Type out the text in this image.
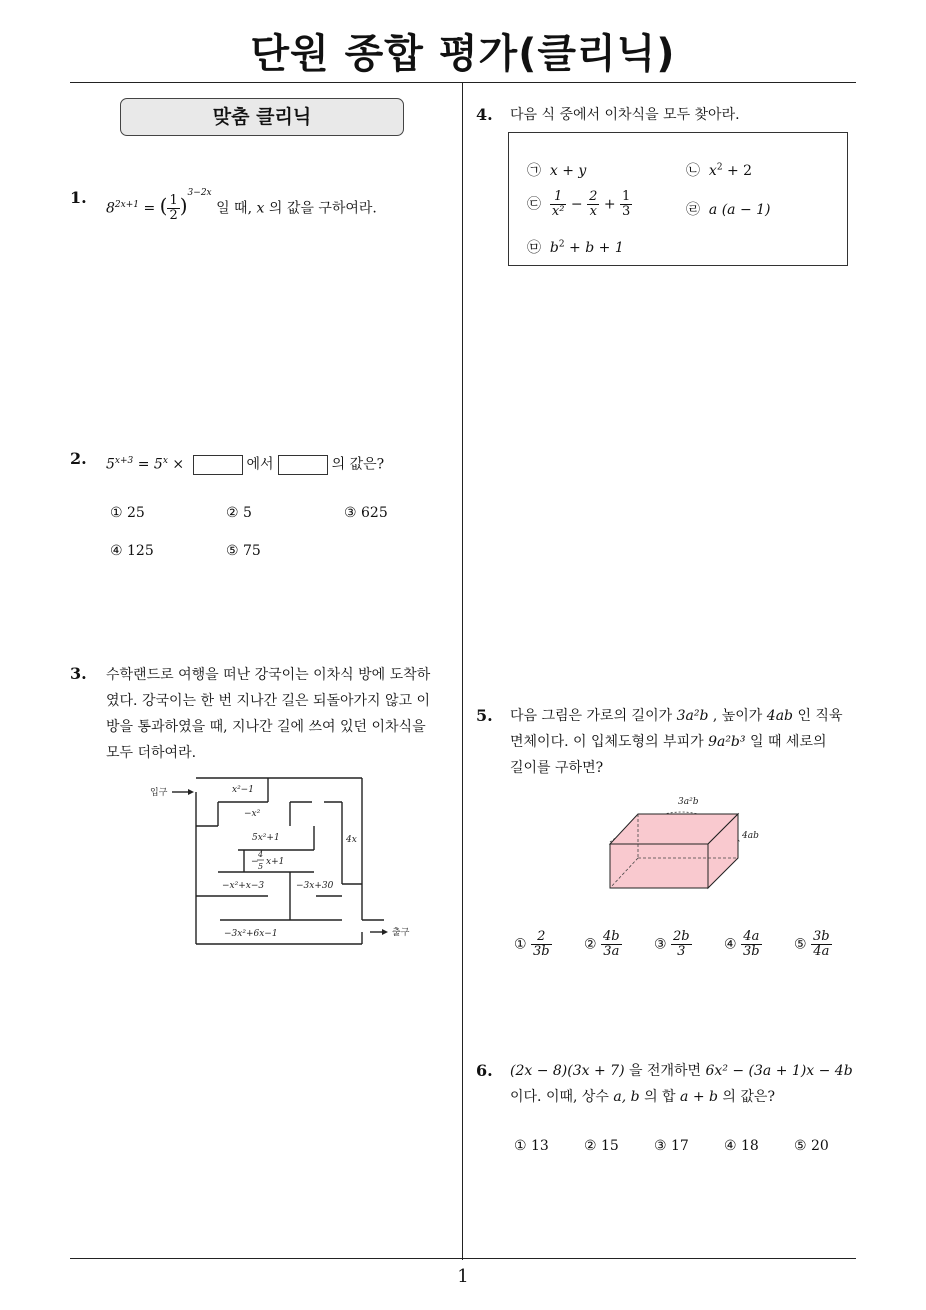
단원 종합 평가(클리닉)
1
맞춤 클리닉
1.
$8^{2x+1}$ = ( $\frac{1}{2} )^{3-2x}$ 일 때, x 의 값을 구하여라.
2. $5^{x+3} = 5^x$ ×	에서	의 값은?
① 25	② 5	③ 625
④ 125	⑤ 75
3. 수학랜드로 여행을 떠난 강국이는 이차식 방에 도착하
였다. 강국이는 한 번 지나간 길은 되돌아가지 않고 이
방을 통과하였을 때, 지나간 길에 쓰여 있던 이차식을
모두 더하여라.
입구
출구
x²−1
−x²
5x²+1	4x
−
4
5 x+1
−x²+x−3	−3x+30
−3x²+6x−1
4. 다음 식 중에서 이차식을 모두 찾아라.
㉠ x + y	㉡ $x^2 + 2$
㉢ $\frac{1}{\text{x²}} - \frac{2}{x} + \frac{1}{3}$	㉣ a (a − 1)
㉤ $b^2 + b + 1$
5. 다음 그림은 가로의 길이가 3a²b , 높이가 4ab 인 직육
면체이다. 이 입체도형의 부피가 9a²b³ 일 때 세로의
길이를 구하면?
3a²b
4ab
① $\frac{2}{3b}$ ② $\frac{4b}{3a}$ ③ $\frac{2b}{3}$ ④ $\frac{4a}{3b}$ ⑤ $\frac{3b}{4a}$
6. (2x − 8)(3x + 7) 을 전개하면 6x² − (3a + 1)x − 4b
이다. 이때, 상수 a, b 의 합 a + b 의 값은?
① 13	② 15	③ 17	④ 18	⑤ 20
